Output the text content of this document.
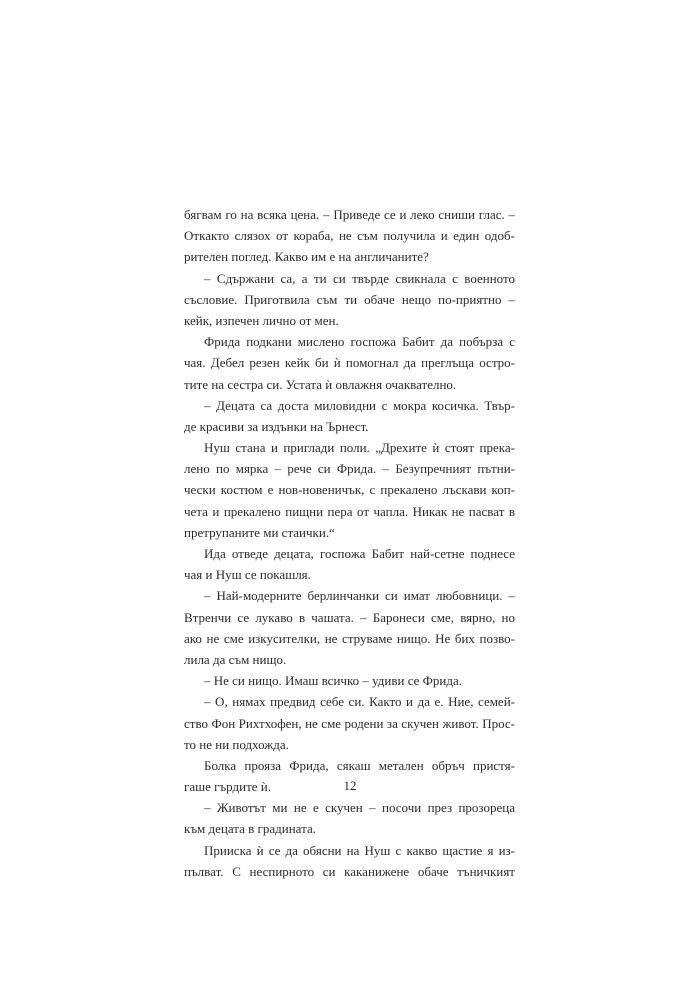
бягвам го на всяка цена. – Приведе се и леко сниши глас. –
Откакто слязох от кораба, не съм получила и един одоб-
рителен поглед. Какво им е на англичаните?
– Сдържани са, а ти си твърде свикнала с военното
съсловие. Приготвила съм ти обаче нещо по-приятно –
кейк, изпечен лично от мен.
Фрида подкани мислено госпожа Бабит да побърза с
чая. Дебел резен кейк би ѝ помогнал да преглъща остро-
тите на сестра си. Устата ѝ овлажня очаквателно.
– Децата са доста миловидни с мокра косичка. Твър-
де красиви за издънки на Ърнест.
Нуш стана и приглади поли. „Дрехите ѝ стоят прека-
лено по мярка – рече си Фрида. – Безупречният пътни-
чески костюм е нов-новеничък, с прекалено лъскави коп-
чета и прекалено пищни пера от чапла. Никак не пасват в
претрупаните ми стаички.“
Ида отведе децата, госпожа Бабит най-сетне поднесе
чая и Нуш се покашля.
– Най-модерните берлинчанки си имат любовници. –
Втренчи се лукаво в чашата. – Баронеси сме, вярно, но
ако не сме изкусителки, не струваме нищо. Не бих позво-
лила да съм нищо.
– Не си нищо. Имаш всичко – удиви се Фрида.
– О, нямах предвид себе си. Както и да е. Ние, семей-
ство Фон Рихтхофен, не сме родени за скучен живот. Прос-
то не ни подхожда.
Болка прояза Фрида, сякаш метален обръч пристя-
гаше гърдите ѝ.
– Животът ми не е скучен – посочи през прозореца
към децата в градината.
Прииска ѝ се да обясни на Нуш с какво щастие я из-
пълват. С неспирното си каканижене обаче тъничкият
12
